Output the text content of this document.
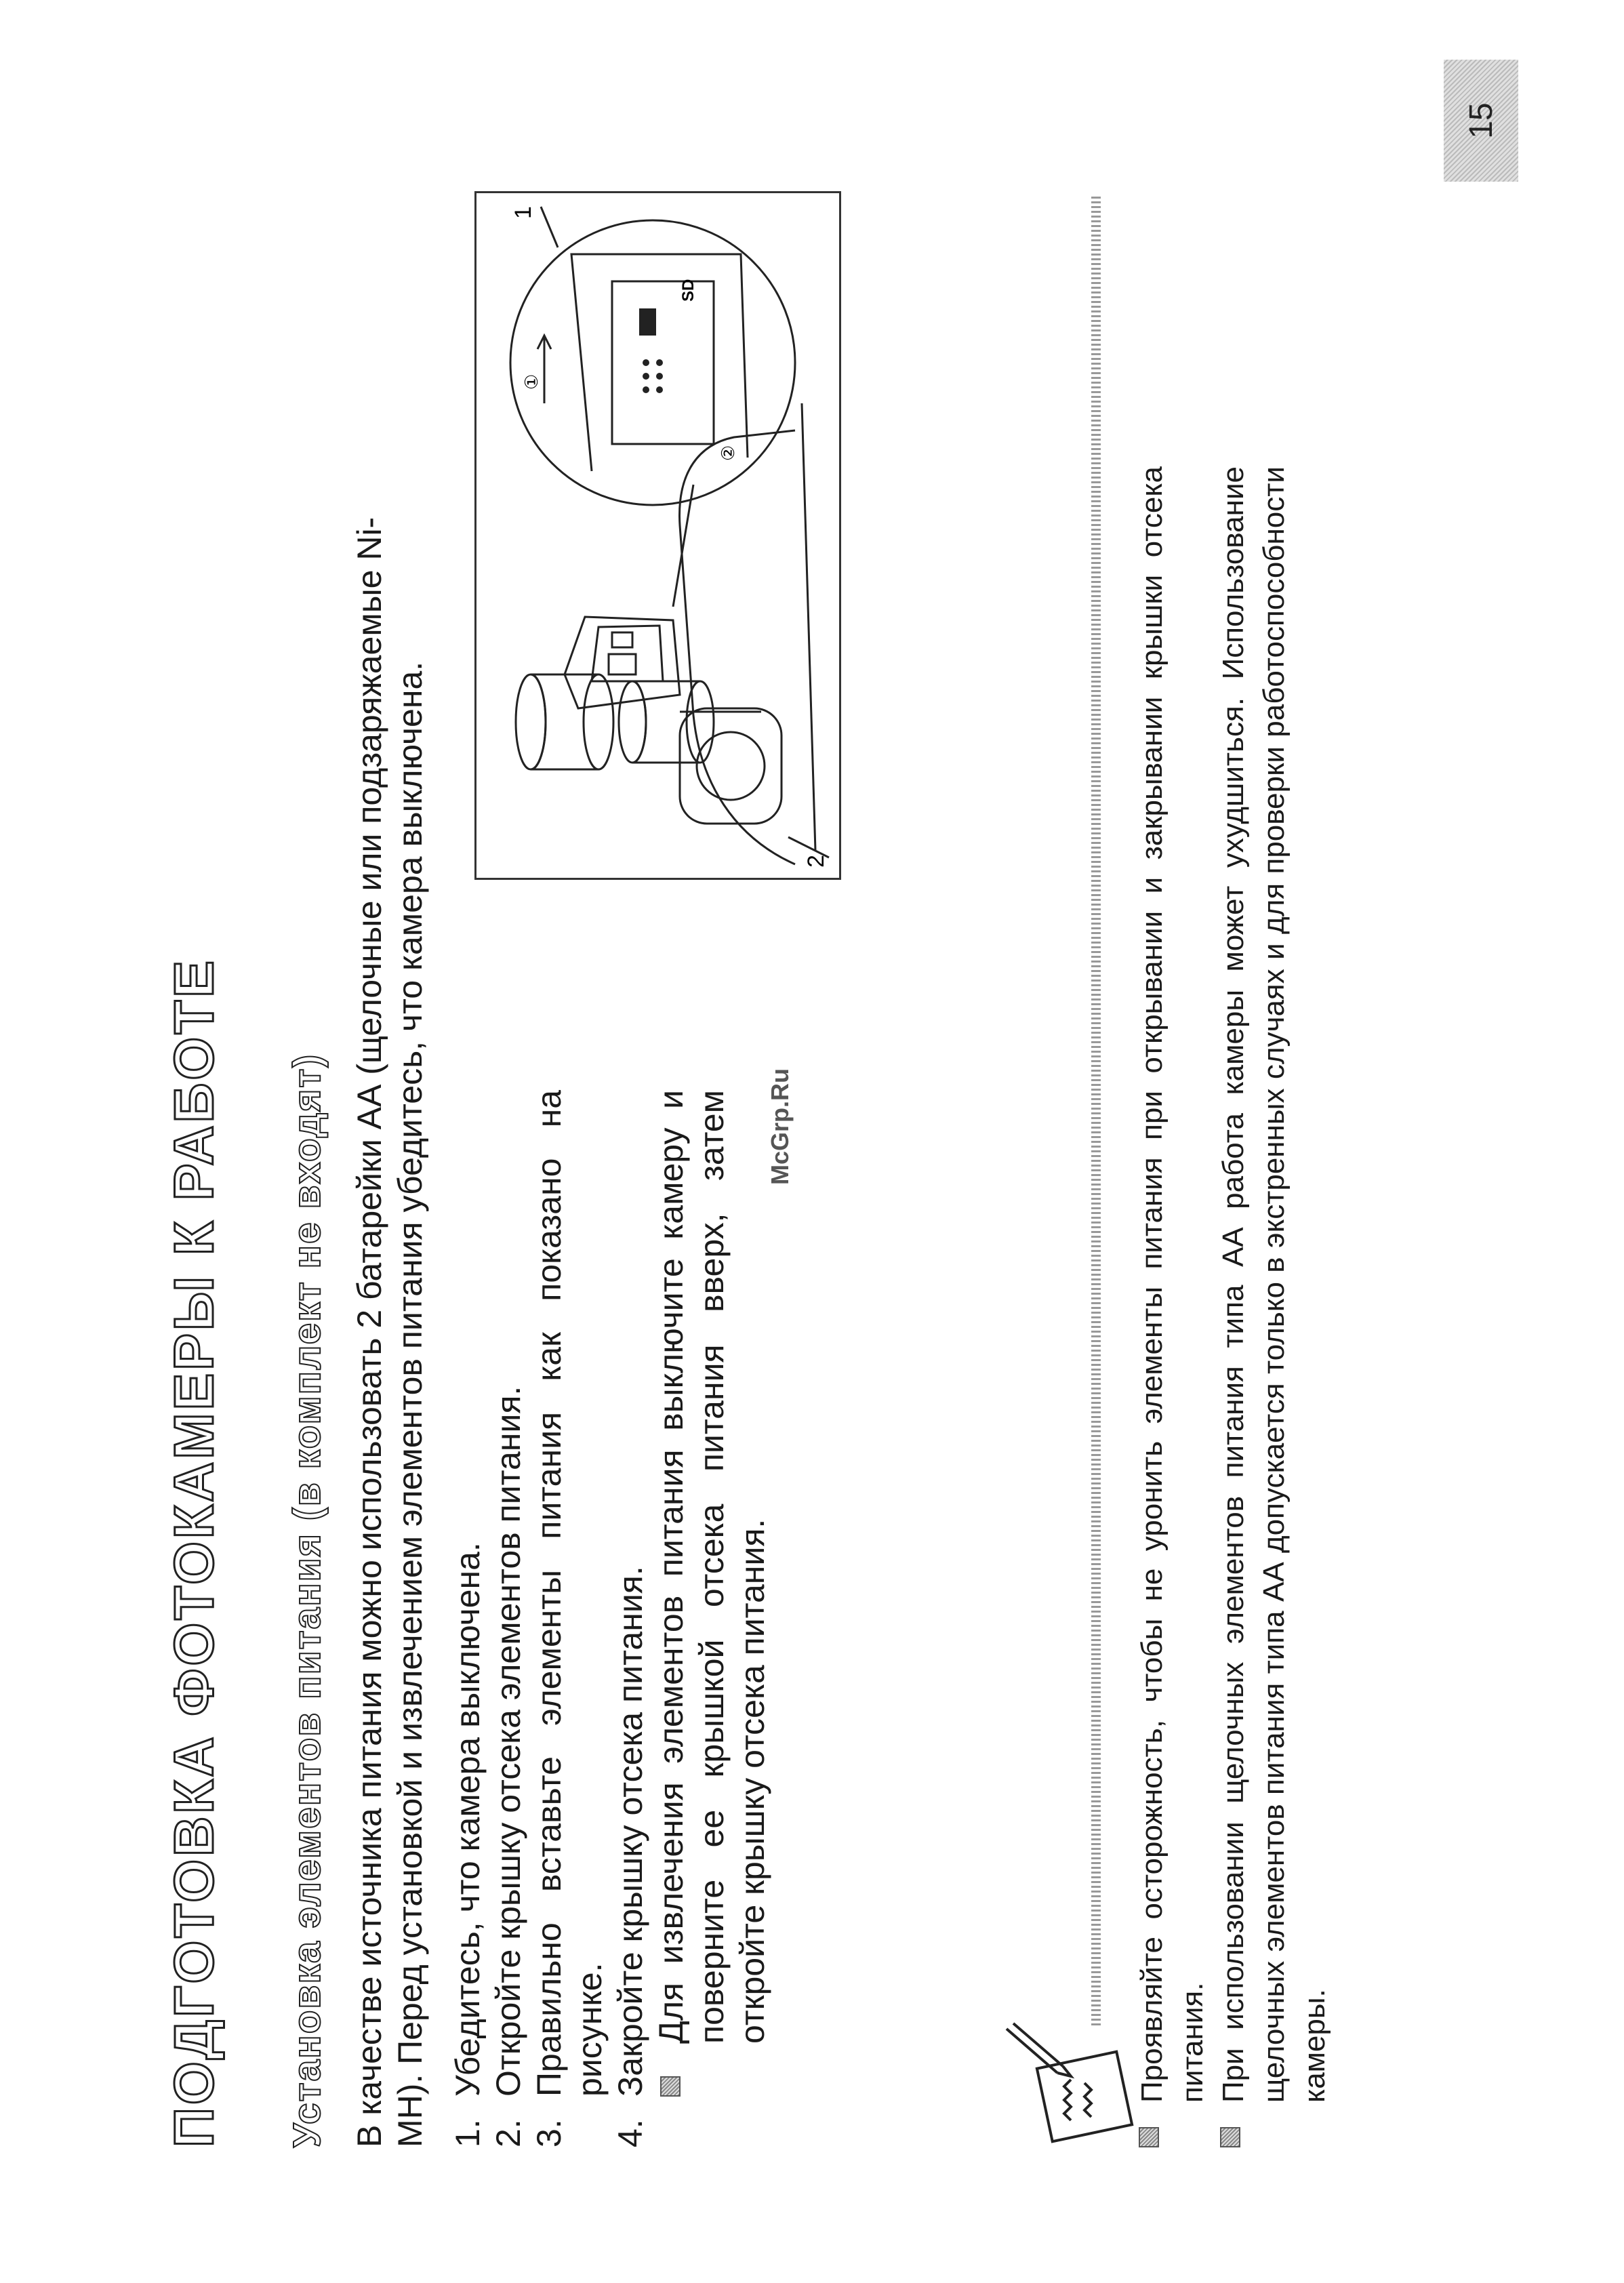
ПОДГОТОВКА ФОТОКАМЕРЫ К РАБОТЕ Установка элементов питания (в комплект не входят) В качестве источника питания можно использовать 2 батарейки АА (щелочные или подзаряжаемые Ni-MH). Перед установкой и извлечением элементов питания убедитесь, что камера выключена. 1.
Убедитесь, что камера выключена.
2.
Откройте крышку отсека элементов питания.
3.
Правильно вставьте элементы питания как показано на рисунке.
4.
Закройте крышку отсека питания. Для извлечения элементов питания выключите камеру и поверните ее крышкой отсека питания вверх, затем откройте крышку отсека питания.
1
2
①
②
SD
McGrp.Ru	Проявляйте осторожность, чтобы не уронить элементы питания при открывании и закрывании крышки отсека питания. При использовании щелочных элементов питания типа АА работа камеры может ухудшиться. Использование щелочных элементов питания типа АА допускается только в экстренных случаях и для проверки работоспособности камеры.
15
